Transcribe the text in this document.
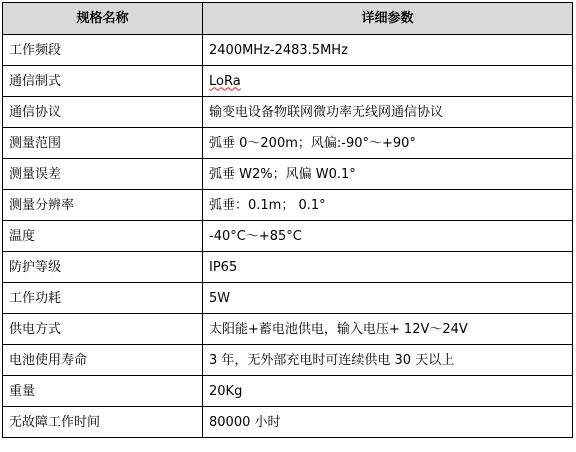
规格名称	详细参数
工作频段	2400MHz-2483.5MHz
通信制式	LoRa
通信协议	输变电设备物联网微功率无线网通信协议
测量范围	弧垂 0～200m；风偏:-90°～+90°
测量误差	弧垂 W2%；风偏 W0.1°
测量分辨率	弧垂：0.1m； 0.1°
温度	-40°C～+85°C
防护等级	IP65
工作功耗	5W
供电方式	太阳能+蓄电池供电，输入电压+ 12V～24V
电池使用寿命	3 年，无外部充电时可连续供电 30 天以上
重量	20Kg
无故障工作时间	80000 小时
